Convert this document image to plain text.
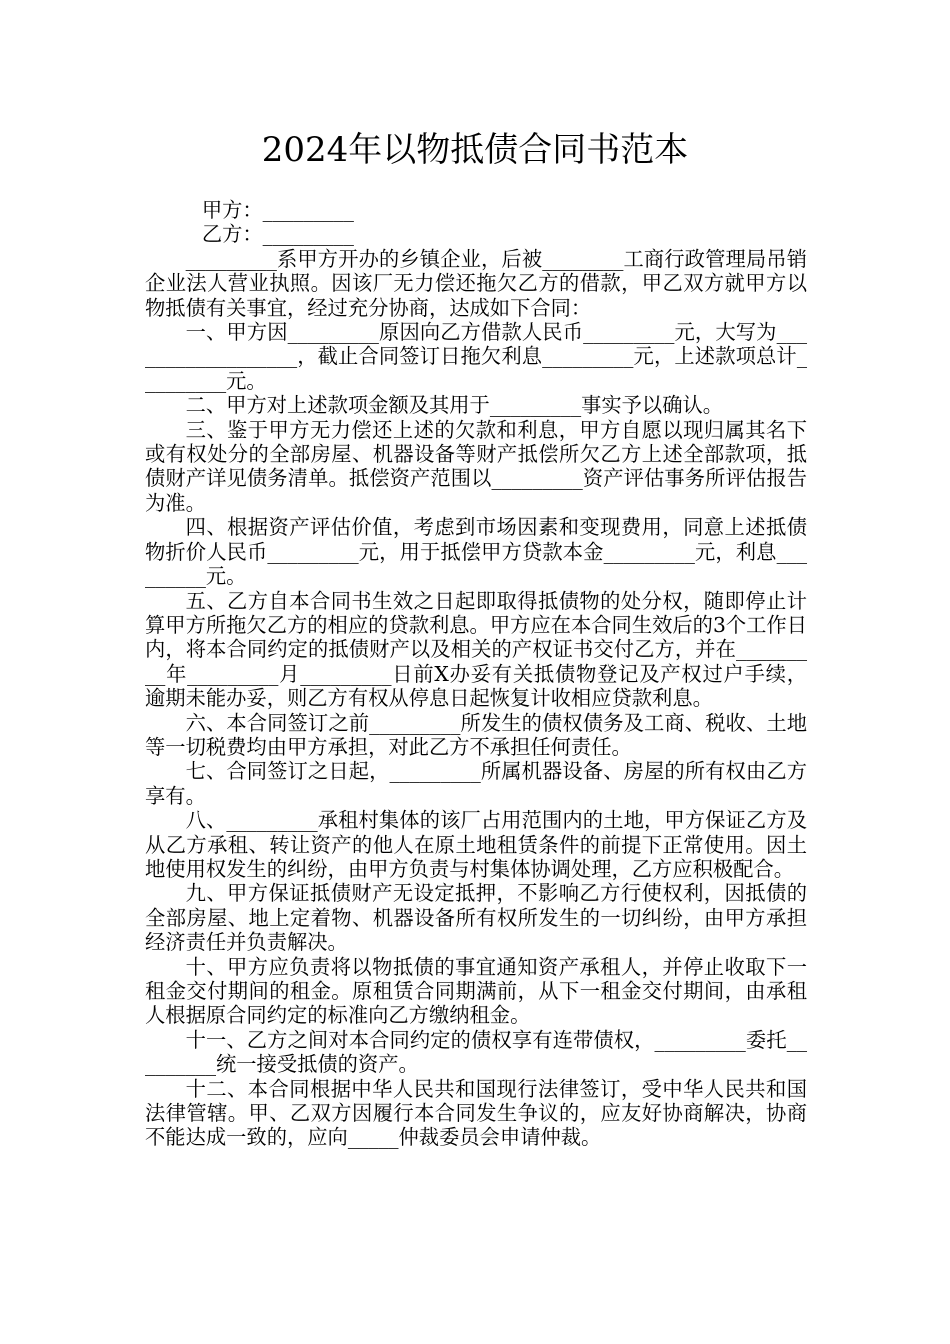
2024年以物抵债合同书范本

甲方：_________

乙方：_________

_________系甲方开办的乡镇企业，后被________工商行政管理局吊销企业法人营业执照。因该厂无力偿还拖欠乙方的借款，甲乙双方就甲方以物抵债有关事宜，经过充分协商，达成如下合同：

一、甲方因_________原因向乙方借款人民币_________元，大写为__________________，截止合同签订日拖欠利息_________元，上述款项总计_________元。

二、甲方对上述款项金额及其用于_________事实予以确认。

三、鉴于甲方无力偿还上述的欠款和利息，甲方自愿以现归属其名下或有权处分的全部房屋、机器设备等财产抵偿所欠乙方上述全部款项，抵债财产详见债务清单。抵偿资产范围以_________资产评估事务所评估报告为准。

四、根据资产评估价值，考虑到市场因素和变现费用，同意上述抵债物折价人民币_________元，用于抵偿甲方贷款本金_________元，利息_________元。

五、乙方自本合同书生效之日起即取得抵债物的处分权，随即停止计算甲方所拖欠乙方的相应的贷款利息。甲方应在本合同生效后的3个工作日内，将本合同约定的抵债财产以及相关的产权证书交付乙方，并在_________年_________月_________日前X办妥有关抵债物登记及产权过户手续，逾期未能办妥，则乙方有权从停息日起恢复计收相应贷款利息。

六、本合同签订之前_________所发生的债权债务及工商、税收、土地等一切税费均由甲方承担，对此乙方不承担任何责任。

七、合同签订之日起，_________所属机器设备、房屋的所有权由乙方享有。

八、_________承租村集体的该厂占用范围内的土地，甲方保证乙方及从乙方承租、转让资产的他人在原土地租赁条件的前提下正常使用。因土地使用权发生的纠纷，由甲方负责与村集体协调处理，乙方应积极配合。

九、甲方保证抵债财产无设定抵押，不影响乙方行使权利，因抵债的全部房屋、地上定着物、机器设备所有权所发生的一切纠纷，由甲方承担经济责任并负责解决。

十、甲方应负责将以物抵债的事宜通知资产承租人，并停止收取下一租金交付期间的租金。原租赁合同期满前，从下一租金交付期间，由承租人根据原合同约定的标准向乙方缴纳租金。

十一、乙方之间对本合同约定的债权享有连带债权，_________委托_________统一接受抵债的资产。

十二、本合同根据中华人民共和国现行法律签订，受中华人民共和国法律管辖。甲、乙双方因履行本合同发生争议的，应友好协商解决，协商不能达成一致的，应向_____仲裁委员会申请仲裁。
